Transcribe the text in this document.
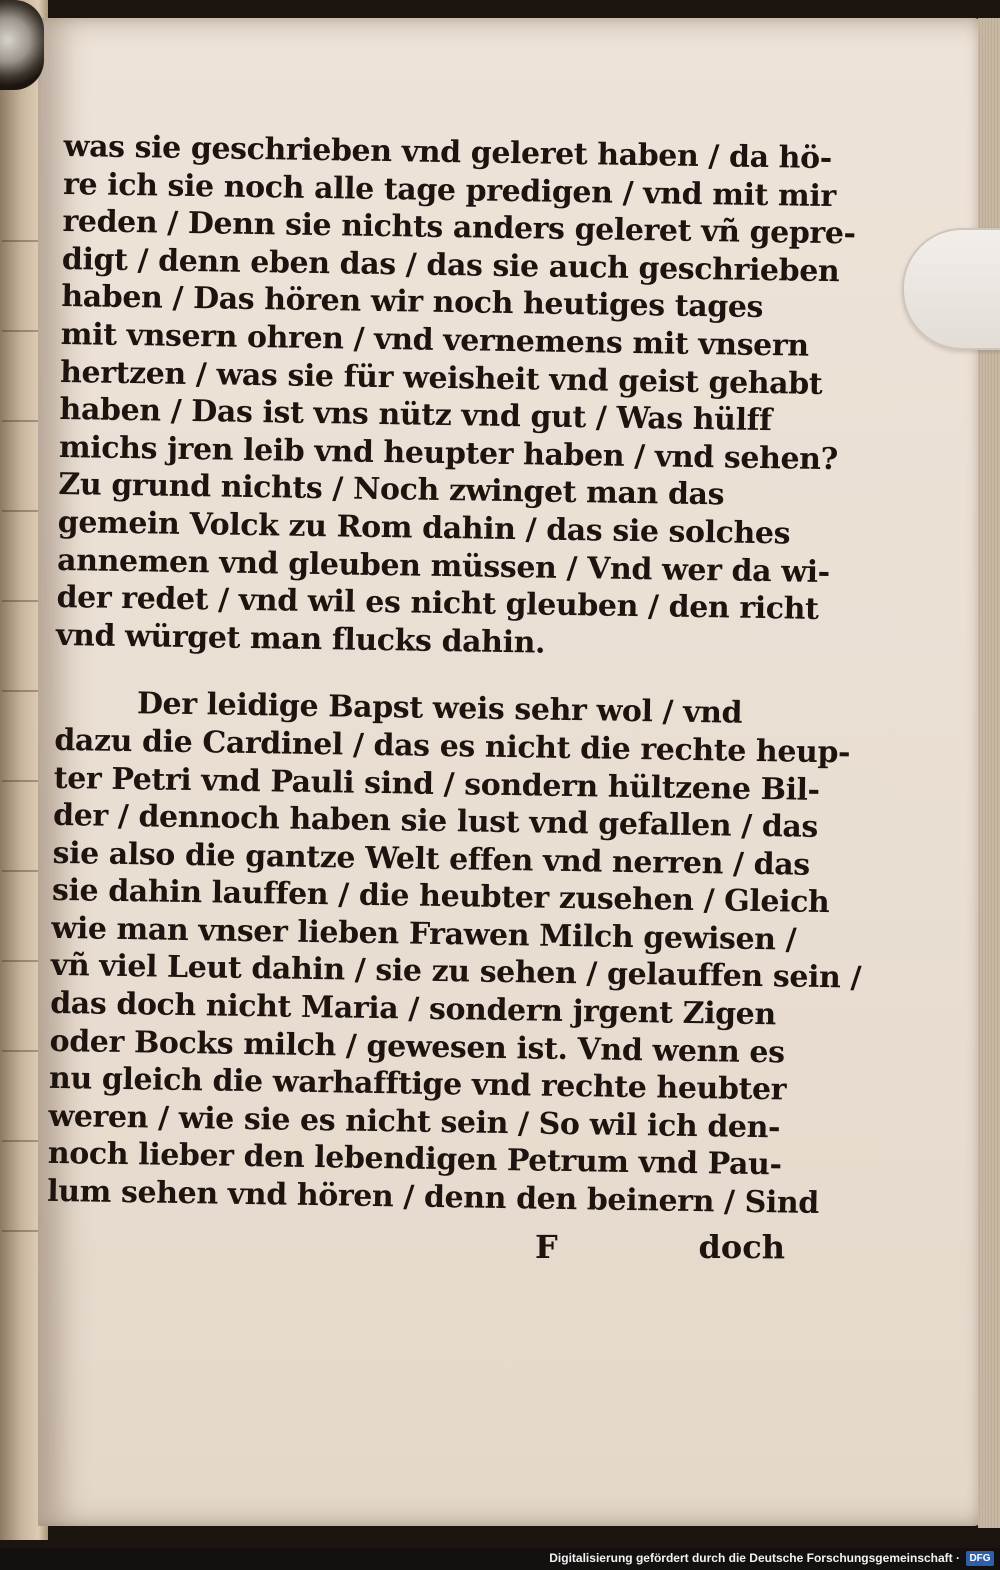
was sie geschrieben vnd geleret haben / da hö-
re ich sie noch alle tage predigen / vnd mit mir
reden / Denn sie nichts anders geleret vñ gepre-
digt / denn eben das / das sie auch geschrieben
haben / Das hören wir noch heutiges tages
mit vnsern ohren / vnd vernemens mit vnsern
hertzen / was sie für weisheit vnd geist gehabt
haben / Das ist vns nütz vnd gut / Was hülff
michs jren leib vnd heupter haben / vnd sehen?
Zu grund nichts / Noch zwinget man das
gemein Volck zu Rom dahin / das sie solches
annemen vnd gleuben müssen / Vnd wer da wi-
der redet / vnd wil es nicht gleuben / den richt
vnd würget man flucks dahin.
Der leidige Bapst weis sehr wol / vnd
dazu die Cardinel / das es nicht die rechte heup-
ter Petri vnd Pauli sind / sondern hültzene Bil-
der / dennoch haben sie lust vnd gefallen / das
sie also die gantze Welt effen vnd nerren / das
sie dahin lauffen / die heubter zusehen / Gleich
wie man vnser lieben Frawen Milch gewisen /
vñ viel Leut dahin / sie zu sehen / gelauffen sein /
das doch nicht Maria / sondern jrgent Zigen
oder Bocks milch / gewesen ist. Vnd wenn es
nu gleich die warhafftige vnd rechte heubter
weren / wie sie es nicht sein / So wil ich den-
noch lieber den lebendigen Petrum vnd Pau-
lum sehen vnd hören / denn den beinern / Sind
F	doch
Digitalisierung gefördert durch die Deutsche Forschungsgemeinschaft · DFG
